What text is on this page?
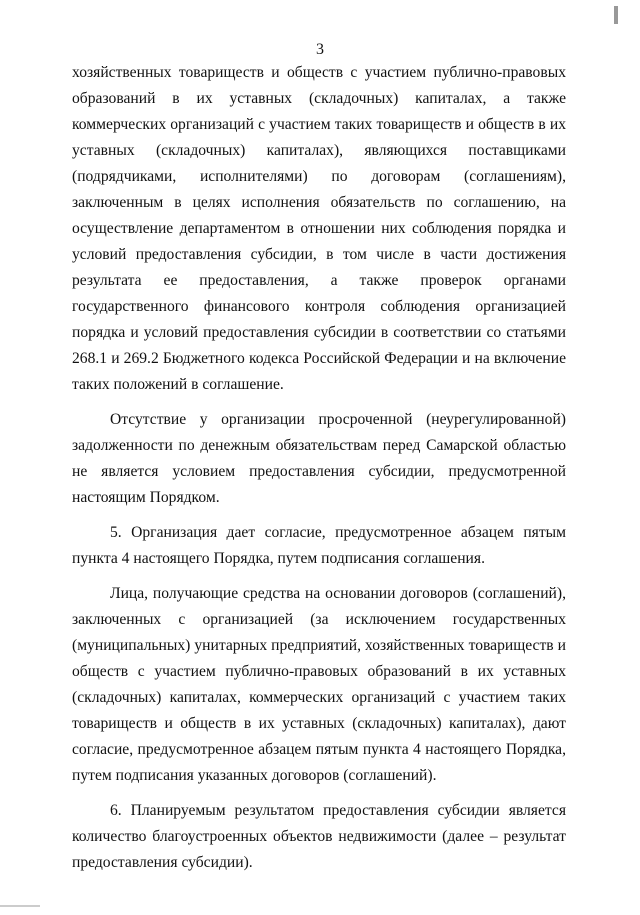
3

хозяйственных товариществ и обществ с участием публично-правовых образований в их уставных (складочных) капиталах, а также коммерческих организаций с участием таких товариществ и обществ в их уставных (складочных) капиталах), являющихся поставщиками (подрядчиками, исполнителями) по договорам (соглашениям), заключенным в целях исполнения обязательств по соглашению, на осуществление департаментом в отношении них соблюдения порядка и условий предоставления субсидии, в том числе в части достижения результата ее предоставления, а также проверок органами государственного финансового контроля соблюдения организацией порядка и условий предоставления субсидии в соответствии со статьями 268.1 и 269.2 Бюджетного кодекса Российской Федерации и на включение таких положений в соглашение.

Отсутствие у организации просроченной (неурегулированной) задолженности по денежным обязательствам перед Самарской областью не является условием предоставления субсидии, предусмотренной настоящим Порядком.

5. Организация дает согласие, предусмотренное абзацем пятым пункта 4 настоящего Порядка, путем подписания соглашения.

Лица, получающие средства на основании договоров (соглашений), заключенных с организацией (за исключением государственных (муниципальных) унитарных предприятий, хозяйственных товариществ и обществ с участием публично-правовых образований в их уставных (складочных) капиталах, коммерческих организаций с участием таких товариществ и обществ в их уставных (складочных) капиталах), дают согласие, предусмотренное абзацем пятым пункта 4 настоящего Порядка, путем подписания указанных договоров (соглашений).

6. Планируемым результатом предоставления субсидии является количество благоустроенных объектов недвижимости (далее – результат предоставления субсидии).
